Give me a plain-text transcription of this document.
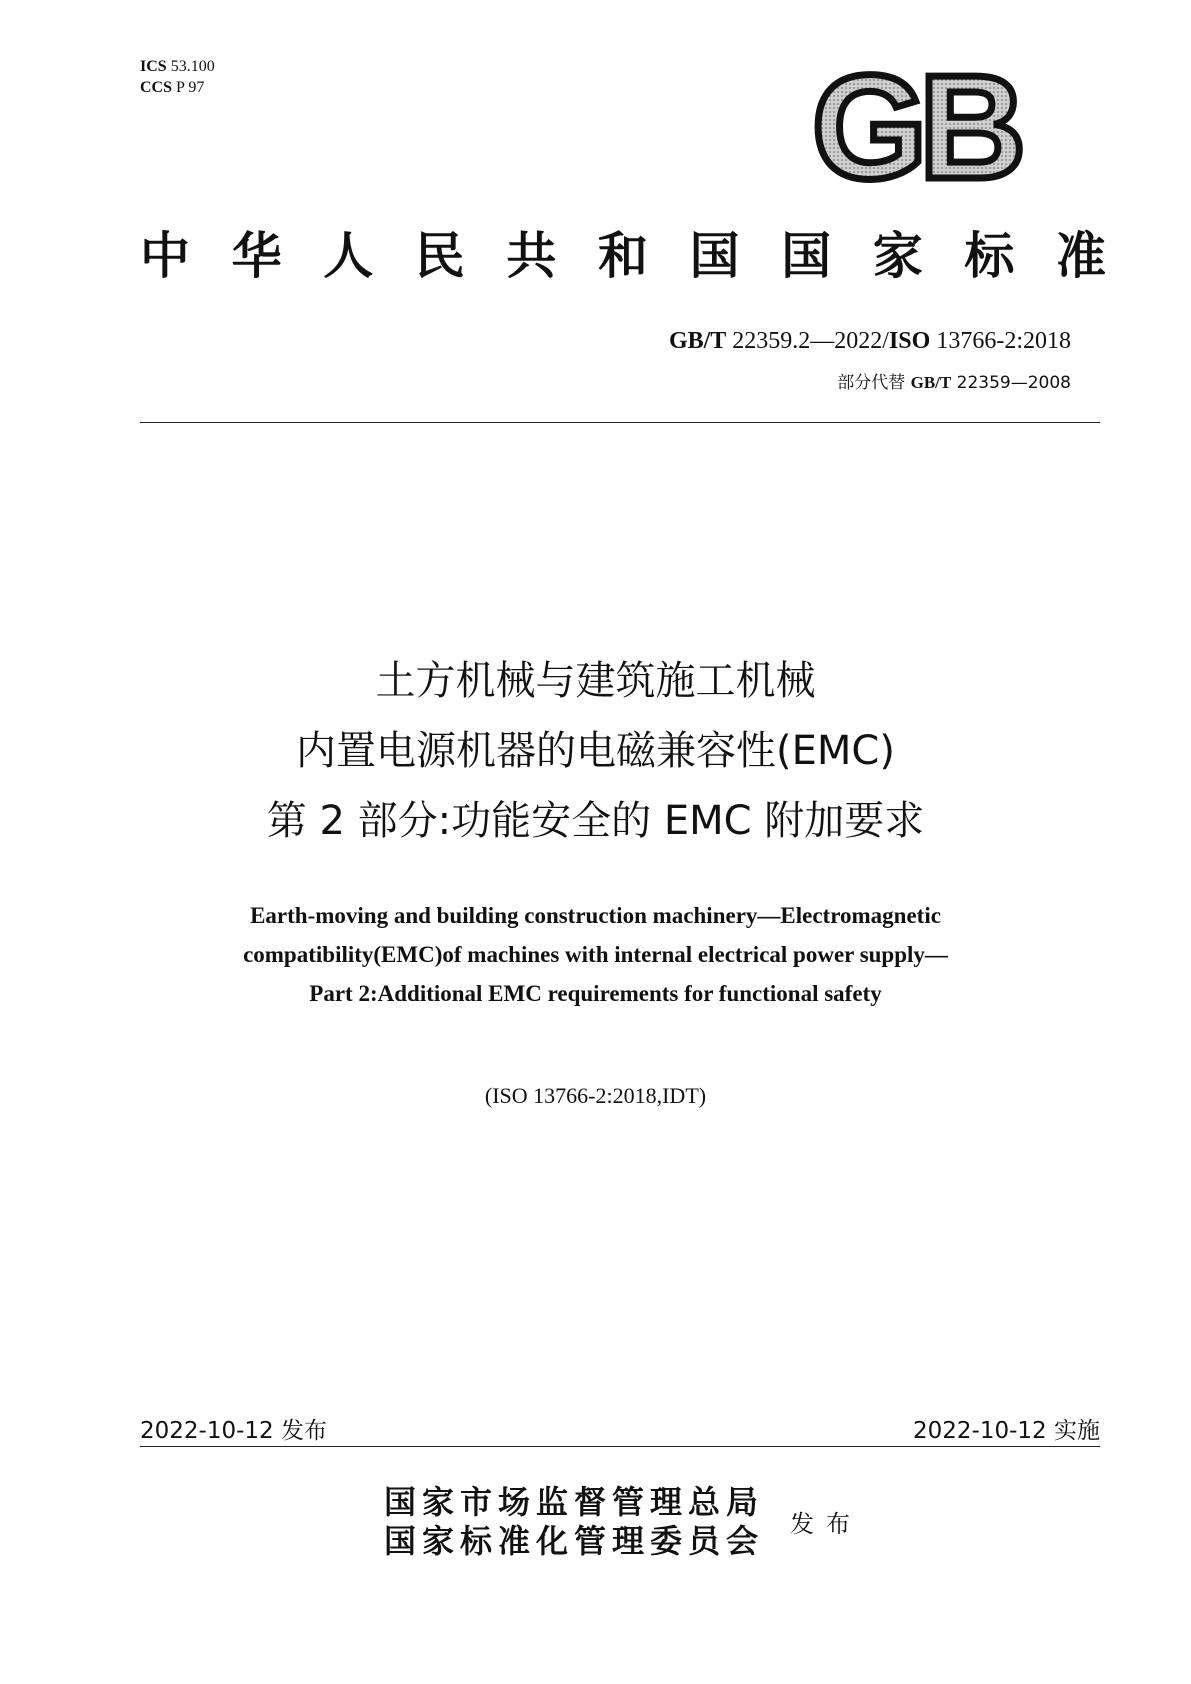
ICS 53.100
CCS P 97	GB
中华人民共和国国家标准
GB/T 22359.2—2022/ISO 13766-2:2018
部分代替 GB/T 22359—2008
土方机械与建筑施工机械
内置电源机器的电磁兼容性(EMC)
第 2 部分:功能安全的 EMC 附加要求
Earth-moving and building construction machinery—Electromagnetic
compatibility(EMC)of machines with internal electrical power supply—
Part 2:Additional EMC requirements for functional safety
(ISO 13766-2:2018,IDT)
2022-10-12 发布	2022-10-12 实施
国家市场监督管理总局
国家标准化管理委员会 发布
